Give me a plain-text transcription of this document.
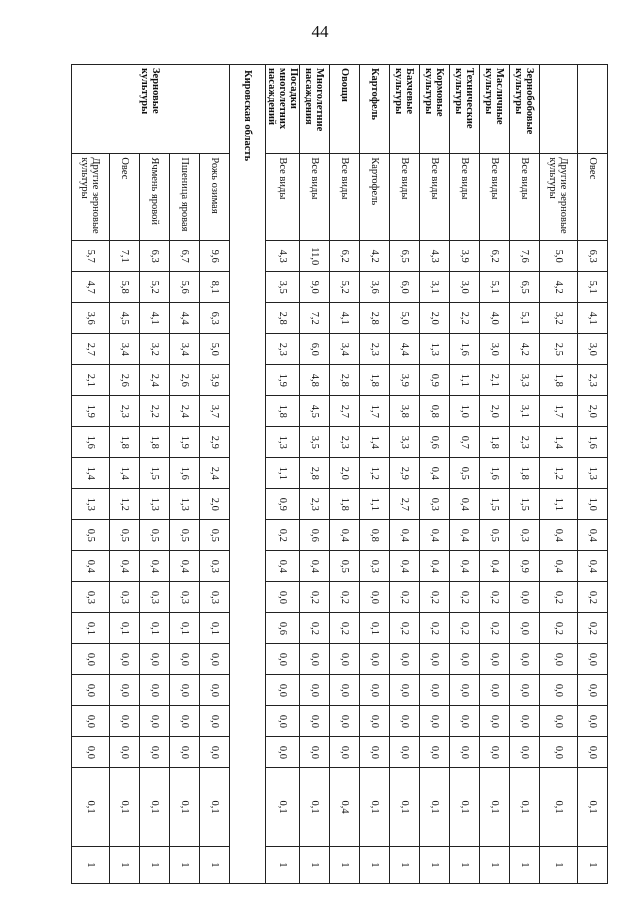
44
	Овес	6,3	5,1	4,1	3,0	2,3	2,0	1,6	1,3	1,0	0,4	0,4	0,2	0,2	0,0	0,0	0,0	0,0	0,1	1
	Другие зерновые культуры	5,0	4,2	3,2	2,5	1,8	1,7	1,4	1,2	1,1	0,4	0,4	0,2	0,2	0,0	0,0	0,0	0,0	0,1	1
Зернобобовые культуры	Все виды	7,6	6,5	5,1	4,2	3,3	3,1	2,3	1,8	1,5	0,3	0,9	0,0	0,0	0,0	0,0	0,0	0,0	0,1	1
Масличные культуры	Все виды	6,2	5,1	4,0	3,0	2,1	2,0	1,8	1,6	1,5	0,5	0,4	0,2	0,2	0,0	0,0	0,0	0,0	0,1	1
Технические культуры	Все виды	3,9	3,0	2,2	1,6	1,1	1,0	0,7	0,5	0,4	0,4	0,4	0,2	0,2	0,0	0,0	0,0	0,0	0,1	1
Кормовые культуры	Все виды	4,3	3,1	2,0	1,3	0,9	0,8	0,6	0,4	0,3	0,4	0,4	0,2	0,2	0,0	0,0	0,0	0,0	0,1	1
Бахчевые культуры	Все виды	6,5	6,0	5,0	4,4	3,9	3,8	3,3	2,9	2,7	0,4	0,4	0,2	0,2	0,0	0,0	0,0	0,0	0,1	1
Картофель	Картофель	4,2	3,6	2,8	2,3	1,8	1,7	1,4	1,2	1,1	0,8	0,3	0,0	0,1	0,0	0,0	0,0	0,0	0,1	1
Овощи	Все виды	6,2	5,2	4,1	3,4	2,8	2,7	2,3	2,0	1,8	0,4	0,5	0,2	0,2	0,0	0,0	0,0	0,0	0,4	1
Многолетние насаждения	Все виды	11,0	9,0	7,2	6,0	4,8	4,5	3,5	2,8	2,3	0,6	0,4	0,2	0,2	0,0	0,0	0,0	0,0	0,1	1
Посадки многолетних насаждений	Все виды	4,3	3,5	2,8	2,3	1,9	1,8	1,3	1,1	0,9	0,2	0,4	0,0	0,6	0,0	0,0	0,0	0,0	0,1	1
Кировская область																				
Зерновые культуры	Рожь озимая	9,6	8,1	6,3	5,0	3,9	3,7	2,9	2,4	2,0	0,5	0,3	0,3	0,1	0,0	0,0	0,0	0,0	0,1	1
	Пшеница яровая	6,7	5,6	4,4	3,4	2,6	2,4	1,9	1,6	1,3	0,5	0,4	0,3	0,1	0,0	0,0	0,0	0,0	0,1	1
	Ячмень яровой	6,3	5,2	4,1	3,2	2,4	2,2	1,8	1,5	1,3	0,5	0,4	0,3	0,1	0,0	0,0	0,0	0,0	0,1	1
	Овес	7,1	5,8	4,5	3,4	2,6	2,3	1,8	1,4	1,2	0,5	0,4	0,3	0,1	0,0	0,0	0,0	0,0	0,1	1
	Другие зерновые культуры	5,7	4,7	3,6	2,7	2,1	1,9	1,6	1,4	1,3	0,5	0,4	0,3	0,1	0,0	0,0	0,0	0,0	0,1	1
